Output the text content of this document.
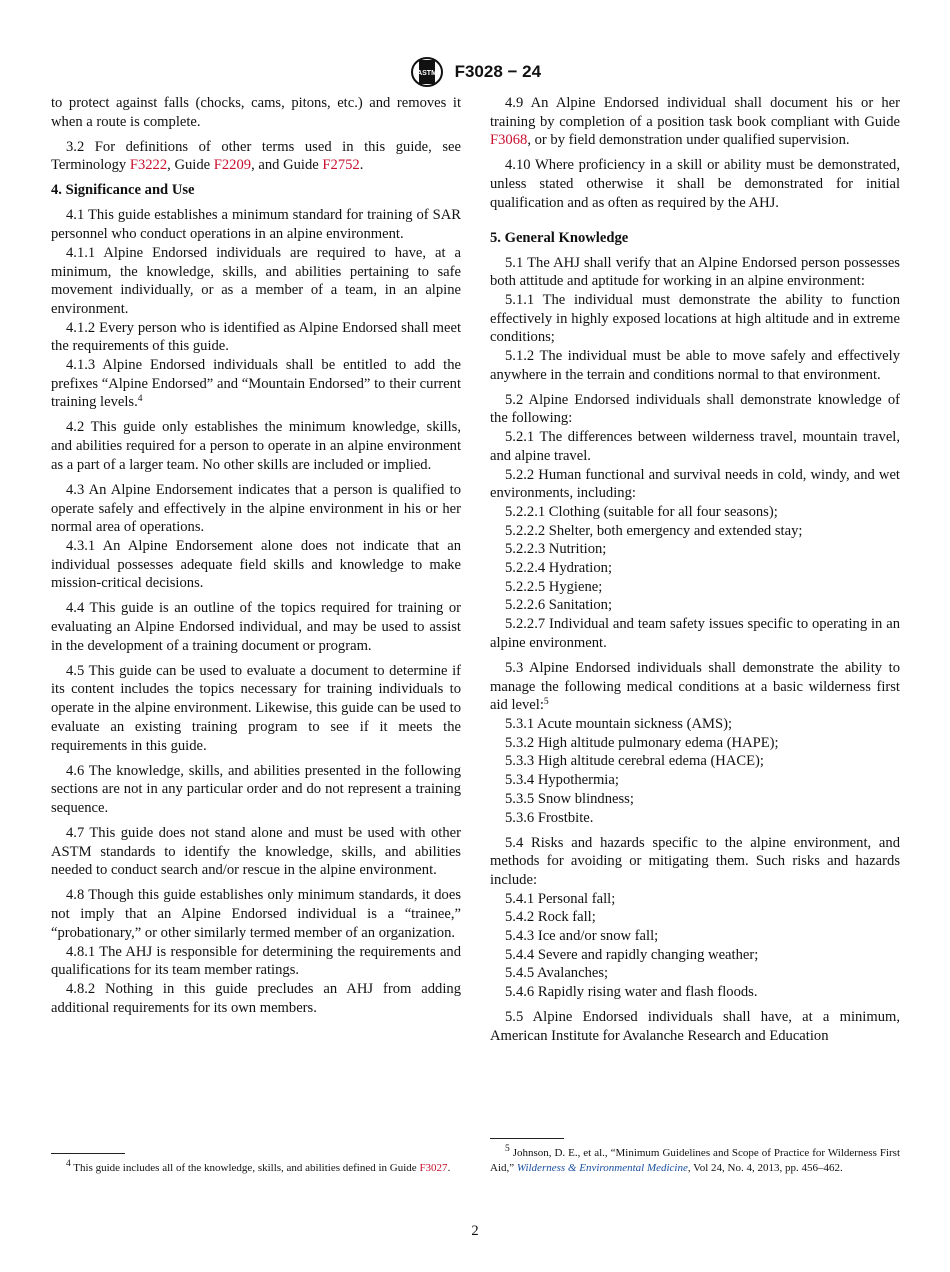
ASTM F3028 − 24

to protect against falls (chocks, cams, pitons, etc.) and removes it when a route is complete.

3.2 For definitions of other terms used in this guide, see Terminology F3222, Guide F2209, and Guide F2752.

4. Significance and Use

4.1 This guide establishes a minimum standard for training of SAR personnel who conduct operations in an alpine environment.

4.1.1 Alpine Endorsed individuals are required to have, at a minimum, the knowledge, skills, and abilities pertaining to safe movement individually, or as a member of a team, in an alpine environment.

4.1.2 Every person who is identified as Alpine Endorsed shall meet the requirements of this guide.

4.1.3 Alpine Endorsed individuals shall be entitled to add the prefixes “Alpine Endorsed” and “Mountain Endorsed” to their current training levels.$^4$

4.2 This guide only establishes the minimum knowledge, skills, and abilities required for a person to operate in an alpine environment as a part of a larger team. No other skills are included or implied.

4.3 An Alpine Endorsement indicates that a person is qualified to operate safely and effectively in the alpine environment in his or her normal area of operations.

4.3.1 An Alpine Endorsement alone does not indicate that an individual possesses adequate field skills and knowledge to make mission-critical decisions.

4.4 This guide is an outline of the topics required for training or evaluating an Alpine Endorsed individual, and may be used to assist in the development of a training document or program.

4.5 This guide can be used to evaluate a document to determine if its content includes the topics necessary for training individuals to operate in the alpine environment. Likewise, this guide can be used to evaluate an existing training program to see if it meets the requirements in this guide.

4.6 The knowledge, skills, and abilities presented in the following sections are not in any particular order and do not represent a training sequence.

4.7 This guide does not stand alone and must be used with other ASTM standards to identify the knowledge, skills, and abilities needed to conduct search and/or rescue in the alpine environment.

4.8 Though this guide establishes only minimum standards, it does not imply that an Alpine Endorsed individual is a “trainee,” “probationary,” or other similarly termed member of an organization.

4.8.1 The AHJ is responsible for determining the requirements and qualifications for its team member ratings.

4.8.2 Nothing in this guide precludes an AHJ from adding additional requirements for its own members.

4.9 An Alpine Endorsed individual shall document his or her training by completion of a position task book compliant with Guide F3068, or by field demonstration under qualified supervision.

4.10 Where proficiency in a skill or ability must be demonstrated, unless stated otherwise it shall be demonstrated for initial qualification and as often as required by the AHJ.

5. General Knowledge

5.1 The AHJ shall verify that an Alpine Endorsed person possesses both attitude and aptitude for working in an alpine environment:

5.1.1 The individual must demonstrate the ability to function effectively in highly exposed locations at high altitude and in extreme conditions;

5.1.2 The individual must be able to move safely and effectively anywhere in the terrain and conditions normal to that environment.

5.2 Alpine Endorsed individuals shall demonstrate knowledge of the following:

5.2.1 The differences between wilderness travel, mountain travel, and alpine travel.

5.2.2 Human functional and survival needs in cold, windy, and wet environments, including:

5.2.2.1 Clothing (suitable for all four seasons);

5.2.2.2 Shelter, both emergency and extended stay;

5.2.2.3 Nutrition;

5.2.2.4 Hydration;

5.2.2.5 Hygiene;

5.2.2.6 Sanitation;

5.2.2.7 Individual and team safety issues specific to operating in an alpine environment.

5.3 Alpine Endorsed individuals shall demonstrate the ability to manage the following medical conditions at a basic wilderness first aid level:$^5$

5.3.1 Acute mountain sickness (AMS);

5.3.2 High altitude pulmonary edema (HAPE);

5.3.3 High altitude cerebral edema (HACE);

5.3.4 Hypothermia;

5.3.5 Snow blindness;

5.3.6 Frostbite.

5.4 Risks and hazards specific to the alpine environment, and methods for avoiding or mitigating them. Such risks and hazards include:

5.4.1 Personal fall;

5.4.2 Rock fall;

5.4.3 Ice and/or snow fall;

5.4.4 Severe and rapidly changing weather;

5.4.5 Avalanches;

5.4.6 Rapidly rising water and flash floods.

5.5 Alpine Endorsed individuals shall have, at a minimum, American Institute for Avalanche Research and Education

$^4$ This guide includes all of the knowledge, skills, and abilities defined in Guide F3027.

$^5$ Johnson, D. E., et al., “Minimum Guidelines and Scope of Practice for Wilderness First Aid,” Wilderness & Environmental Medicine, Vol 24, No. 4, 2013, pp. 456–462.

2
